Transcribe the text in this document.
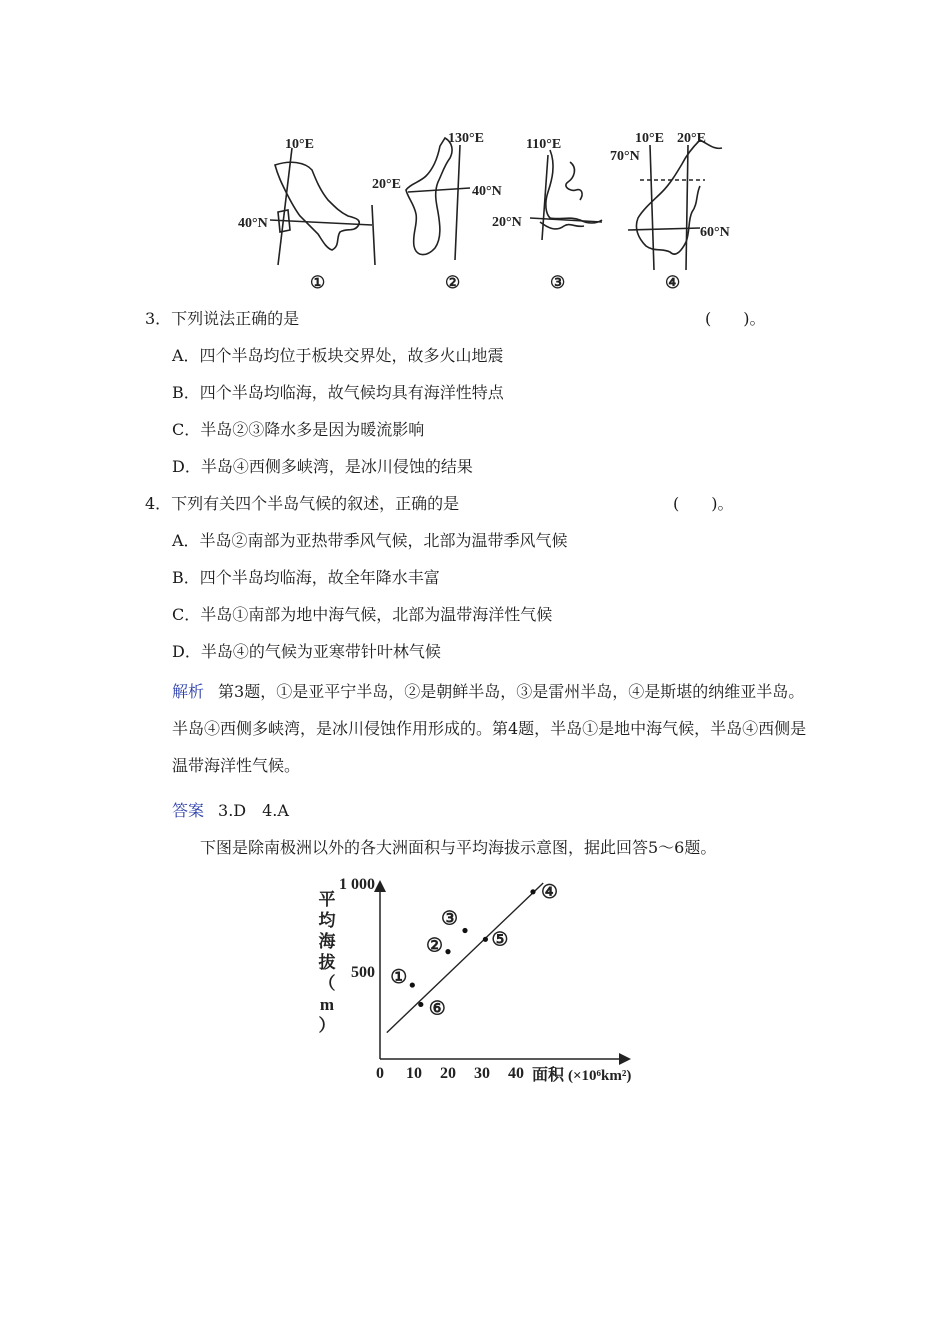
10°E
40°N
①
130°E
20°E	40°N
②
110°E
20°N
③
10°E 20°E
70°N
60°N
④
3．下列说法正确的是	(　　)。
A．四个半岛均位于板块交界处，故多火山地震
B．四个半岛均临海，故气候均具有海洋性特点
C．半岛②③降水多是因为暖流影响
D．半岛④西侧多峡湾，是冰川侵蚀的结果
4．下列有关四个半岛气候的叙述，正确的是	(　　)。
A．半岛②南部为亚热带季风气候，北部为温带季风气候
B．四个半岛均临海，故全年降水丰富
C．半岛①南部为地中海气候，北部为温带海洋性气候
D．半岛④的气候为亚寒带针叶林气候
解析 第3题，①是亚平宁半岛，②是朝鲜半岛，③是雷州半岛，④是斯堪的纳维亚半岛。半岛④西侧多峡湾，是冰川侵蚀作用形成的。第4题，半岛①是地中海气候，半岛④西侧是温带海洋性气候。
答案 3.D　4.A
下图是除南极洲以外的各大洲面积与平均海拔示意图，据此回答5～6题。
0 10 20 30 40
500
1 000
①
②
③
④
⑤
⑥
平
均
海
拔
（
m
）
面积 (×10⁶km²)
